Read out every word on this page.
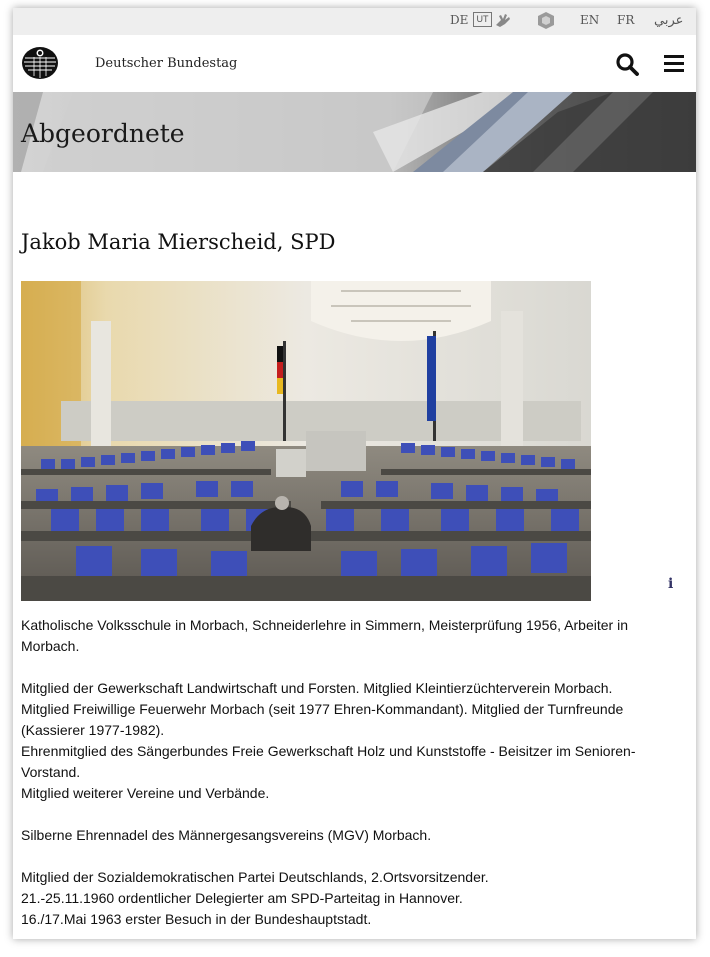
DE UT	EN FR عربي
Deutscher Bundestag
Abgeordnete
Jakob Maria Mierscheid, SPD
i

Katholische Volksschule in Morbach, Schneiderlehre in Simmern, Meisterprüfung 1956, Arbeiter in Morbach.

Mitglied der Gewerkschaft Landwirtschaft und Forsten. Mitglied Kleintierzüchterverein Morbach.
Mitglied Freiwillige Feuerwehr Morbach (seit 1977 Ehren-Kommandant). Mitglied der Turnfreunde (Kassierer 1977-1982).
Ehrenmitglied des Sängerbundes Freie Gewerkschaft Holz und Kunststoffe - Beisitzer im Senioren-Vorstand.
Mitglied weiterer Vereine und Verbände.

Silberne Ehrennadel des Männergesangsvereins (MGV) Morbach.

Mitglied der Sozialdemokratischen Partei Deutschlands, 2.Ortsvorsitzender.
21.-25.11.1960 ordentlicher Delegierter am SPD-Parteitag in Hannover.
16./17.Mai 1963 erster Besuch in der Bundeshauptstadt.
